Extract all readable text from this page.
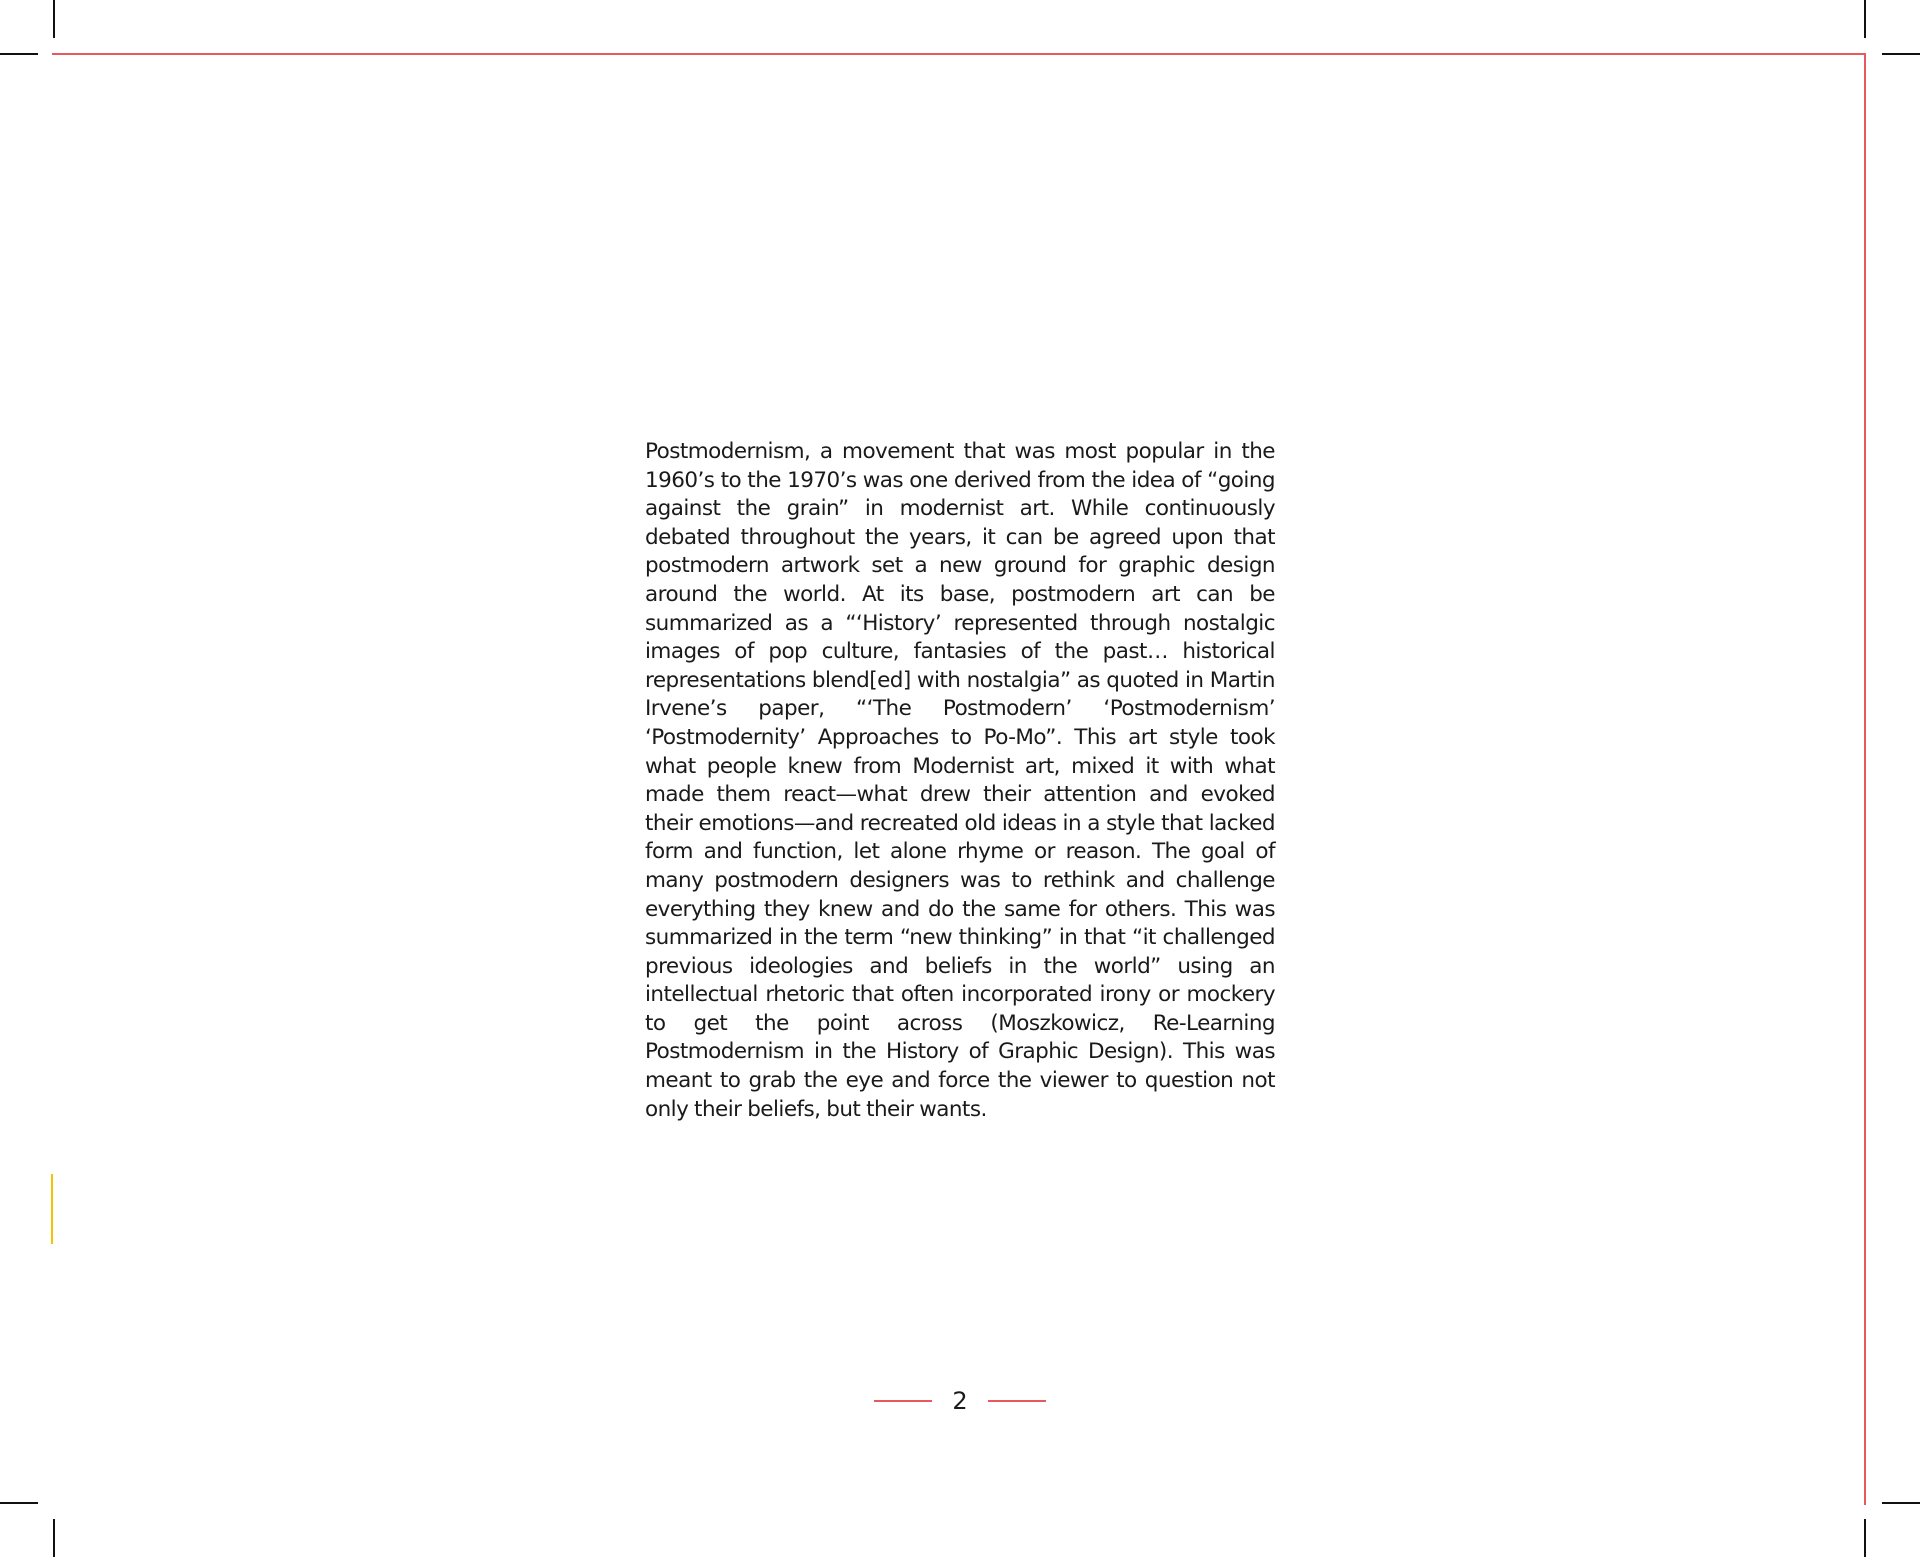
Postmodernism, a movement that was most popular in the 1960’s to the 1970’s was one derived from the idea of “going against the grain” in modernist art. While continuously debated throughout the years, it can be agreed upon that postmodern artwork set a new ground for graphic design around the world. At its base, postmodern art can be summarized as a “‘History’ represented through nostalgic images of pop culture, fantasies of the past… historical representations blend[ed] with nostalgia” as quoted in Martin Irvene’s paper, “‘The Postmodern’ ‘Postmodernism’ ‘Postmodernity’ Approaches to Po-Mo”. This art style took what people knew from Modernist art, mixed it with what made them react—what drew their attention and evoked their emotions—and recreated old ideas in a style that lacked form and function, let alone rhyme or reason. The goal of many postmodern designers was to rethink and challenge everything they knew and do the same for others. This was summarized in the term “new thinking” in that “it challenged previous ideologies and beliefs in the world” using an intellectual rhetoric that often incorporated irony or mockery to get the point across (Moszkowicz, Re-Learning Postmodernism in the History of Graphic Design). This was meant to grab the eye and force the viewer to question not only their beliefs, but their wants.

2
